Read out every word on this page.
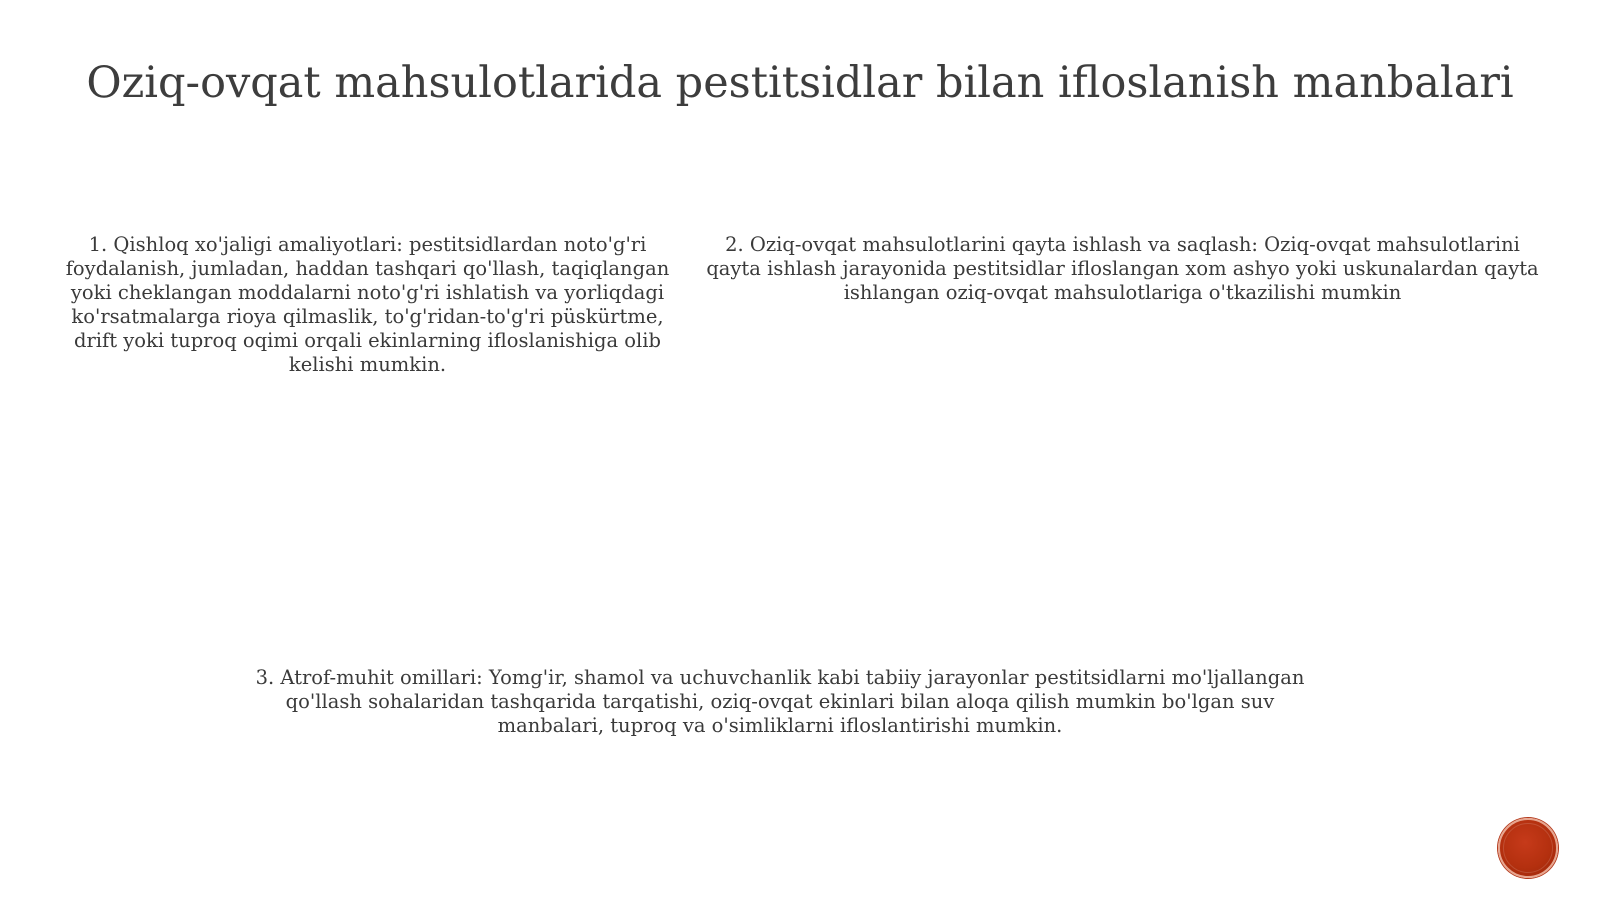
Oziq-ovqat mahsulotlarida pestitsidlar bilan ifloslanish manbalari

1. Qishloq xo'jaligi amaliyotlari: pestitsidlardan noto'g'ri foydalanish, jumladan, haddan tashqari qo'llash, taqiqlangan yoki cheklangan moddalarni noto'g'ri ishlatish va yorliqdagi ko'rsatmalarga rioya qilmaslik, to'g'ridan-to'g'ri püskürtme, drift yoki tuproq oqimi orqali ekinlarning ifloslanishiga olib kelishi mumkin.

2. Oziq-ovqat mahsulotlarini qayta ishlash va saqlash: Oziq-ovqat mahsulotlarini qayta ishlash jarayonida pestitsidlar ifloslangan xom ashyo yoki uskunalardan qayta ishlangan oziq-ovqat mahsulotlariga o'tkazilishi mumkin

3. Atrof-muhit omillari: Yomg'ir, shamol va uchuvchanlik kabi tabiiy jarayonlar pestitsidlarni mo'ljallangan qo'llash sohalaridan tashqarida tarqatishi, oziq-ovqat ekinlari bilan aloqa qilish mumkin bo'lgan suv manbalari, tuproq va o'simliklarni ifloslantirishi mumkin.
